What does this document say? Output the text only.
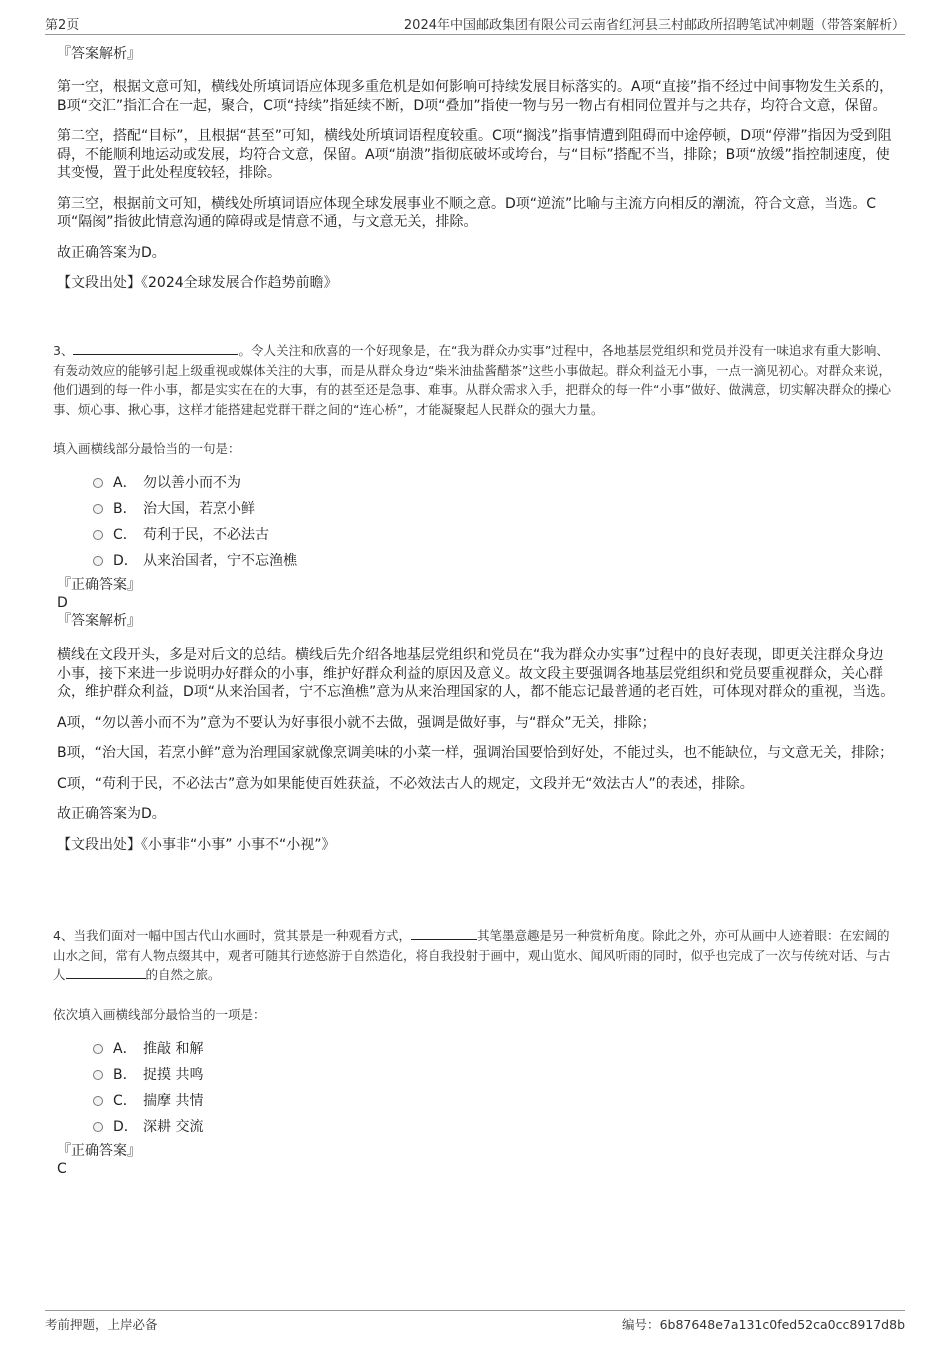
第2页	2024年中国邮政集团有限公司云南省红河县三村邮政所招聘笔试冲刺题（带答案解析）

『答案解析』

第一空，根据文意可知，横线处所填词语应体现多重危机是如何影响可持续发展目标落实的。A项“直接”指不经过中间事物发生关系的，B项“交汇”指汇合在一起，聚合，C项“持续”指延续不断，D项“叠加”指使一物与另一物占有相同位置并与之共存，均符合文意，保留。

第二空，搭配“目标”，且根据“甚至”可知，横线处所填词语程度较重。C项“搁浅”指事情遭到阻碍而中途停顿，D项“停滞”指因为受到阻碍，不能顺利地运动或发展，均符合文意，保留。A项“崩溃”指彻底破坏或垮台，与“目标”搭配不当，排除；B项“放缓”指控制速度，使其变慢，置于此处程度较轻，排除。

第三空，根据前文可知，横线处所填词语应体现全球发展事业不顺之意。D项“逆流”比喻与主流方向相反的潮流，符合文意，当选。C项“隔阂”指彼此情意沟通的障碍或是情意不通，与文意无关，排除。

故正确答案为D。

【文段出处】《2024全球发展合作趋势前瞻》

3、	。令人关注和欣喜的一个好现象是，在“我为群众办实事”过程中，各地基层党组织和党员并没有一味追求有重大影响、有轰动效应的能够引起上级重视或媒体关注的大事，而是从群众身边“柴米油盐酱醋茶”这些小事做起。群众利益无小事，一点一滴见初心。对群众来说，他们遇到的每一件小事，都是实实在在的大事，有的甚至还是急事、难事。从群众需求入手，把群众的每一件“小事”做好、做满意，切实解决群众的操心事、烦心事、揪心事，这样才能搭建起党群干群之间的“连心桥”，才能凝聚起人民群众的强大力量。

填入画横线部分最恰当的一句是：

A． 勿以善小而不为
B． 治大国，若烹小鲜
C． 苟利于民，不必法古
D． 从来治国者，宁不忘渔樵

『正确答案』

D

『答案解析』

横线在文段开头，多是对后文的总结。横线后先介绍各地基层党组织和党员在“我为群众办实事”过程中的良好表现，即更关注群众身边小事，接下来进一步说明办好群众的小事，维护好群众利益的原因及意义。故文段主要强调各地基层党组织和党员要重视群众，关心群众，维护群众利益，D项“从来治国者，宁不忘渔樵”意为从来治理国家的人，都不能忘记最普通的老百姓，可体现对群众的重视，当选。

A项，“勿以善小而不为”意为不要认为好事很小就不去做，强调是做好事，与“群众”无关，排除；

B项，“治大国，若烹小鲜”意为治理国家就像烹调美味的小菜一样，强调治国要恰到好处，不能过头，也不能缺位，与文意无关，排除；

C项，“苟利于民，不必法古”意为如果能使百姓获益，不必效法古人的规定，文段并无“效法古人”的表述，排除。

故正确答案为D。

【文段出处】《小事非“小事” 小事不“小视”》

4、当我们面对一幅中国古代山水画时，赏其景是一种观看方式，	其笔墨意趣是另一种赏析角度。除此之外，亦可从画中人迹着眼：在宏阔的山水之间，常有人物点缀其中，观者可随其行迹悠游于自然造化，将自我投射于画中，观山览水、闻风听雨的同时，似乎也完成了一次与传统对话、与古人	的自然之旅。

依次填入画横线部分最恰当的一项是：

A． 推敲 和解
B． 捉摸 共鸣
C． 揣摩 共情
D． 深耕 交流

『正确答案』

C

考前押题，上岸必备	编号：6b87648e7a131c0fed52ca0cc8917d8b
